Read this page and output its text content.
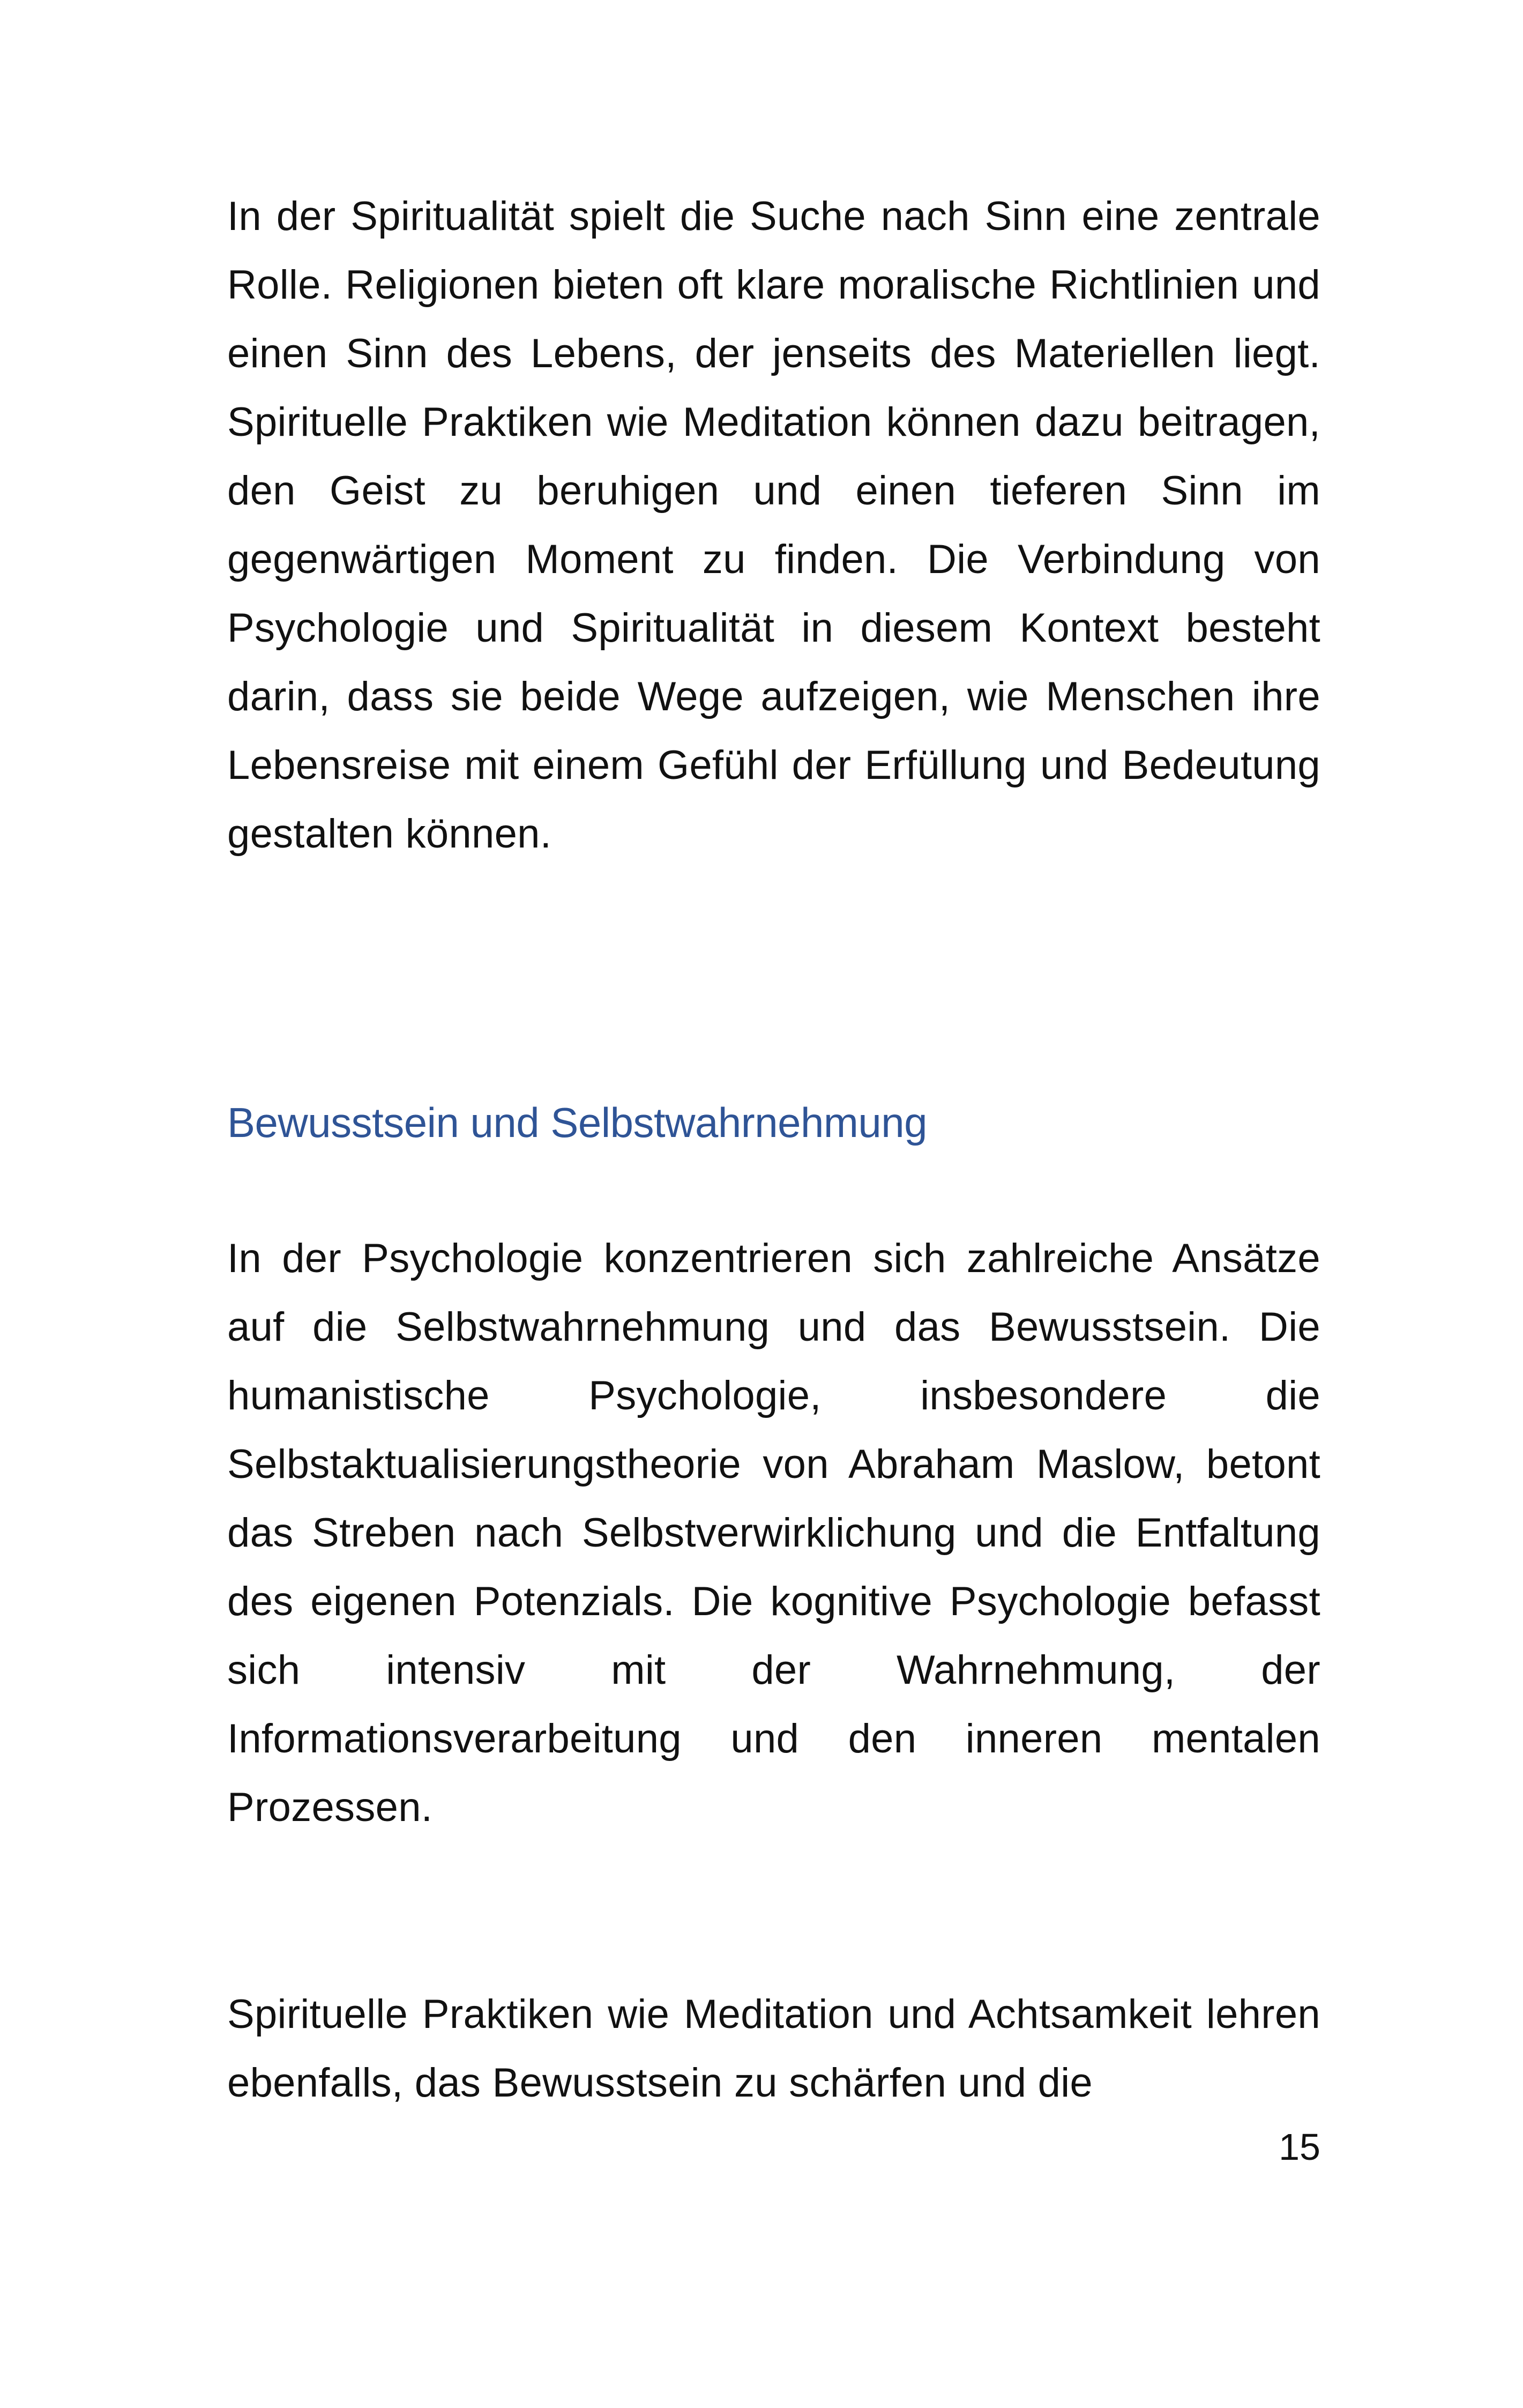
In der Spiritualität spielt die Suche nach Sinn eine zentrale Rolle. Religionen bieten oft klare moralische Richtlinien und einen Sinn des Lebens, der jenseits des Materiellen liegt. Spirituelle Praktiken wie Meditation können dazu beitragen, den Geist zu beruhigen und einen tieferen Sinn im gegenwärtigen Moment zu finden. Die Verbindung von Psychologie und Spiritualität in diesem Kontext besteht darin, dass sie beide Wege aufzeigen, wie Menschen ihre Lebensreise mit einem Gefühl der Erfüllung und Bedeutung gestalten können.

Bewusstsein und Selbstwahrnehmung

In der Psychologie konzentrieren sich zahlreiche Ansätze auf die Selbstwahrnehmung und das Bewusstsein. Die humanistische Psychologie, insbesondere die Selbstaktualisierungstheorie von Abraham Maslow, betont das Streben nach Selbstverwirklichung und die Entfaltung des eigenen Potenzials. Die kognitive Psychologie befasst sich intensiv mit der Wahrnehmung, der Informationsverarbeitung und den inneren mentalen Prozessen.

Spirituelle Praktiken wie Meditation und Achtsamkeit lehren ebenfalls, das Bewusstsein zu schärfen und die

15
